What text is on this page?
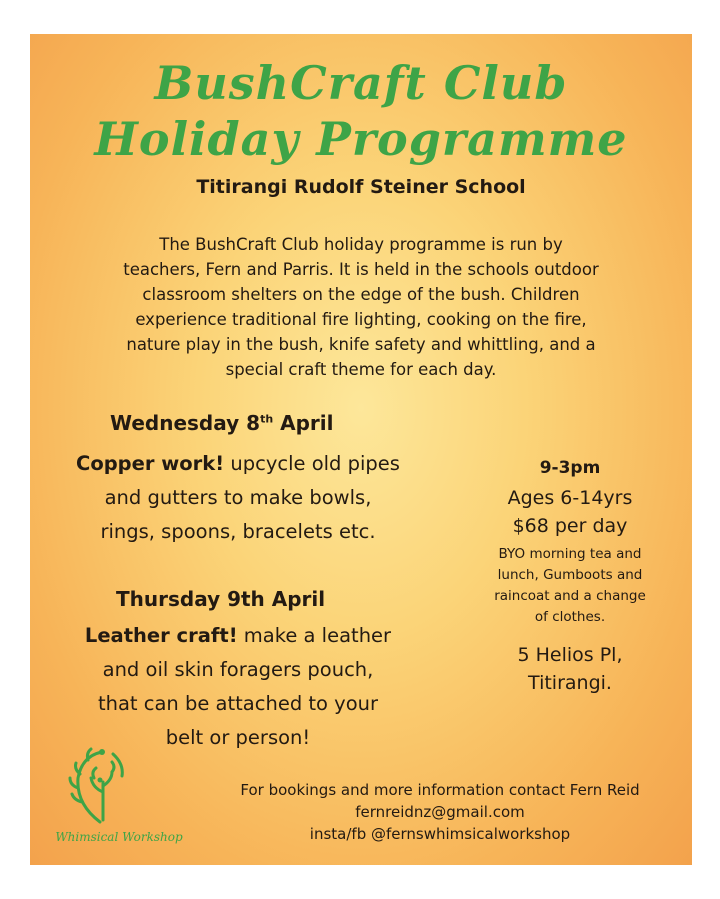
BushCraft Club
Holiday Programme
Titirangi Rudolf Steiner School

The BushCraft Club holiday programme is run by
teachers, Fern and Parris. It is held in the schools outdoor
classroom shelters on the edge of the bush. Children
experience traditional fire lighting, cooking on the fire,
nature play in the bush, knife safety and whittling, and a
special craft theme for each day.

Wednesday 8th April
Copper work! upcycle old pipes
and gutters to make bowls,
rings, spoons, bracelets etc.
Thursday 9th April
Leather craft! make a leather
and oil skin foragers pouch,
that can be attached to your
belt or person!
9-3pm
Ages 6-14yrs
$68 per day

BYO morning tea and
lunch, Gumboots and
raincoat and a change
of clothes.

5 Helios Pl,
Titirangi.

Whimsical Workshop

For bookings and more information contact Fern Reid
fernreidnz@gmail.com
insta/fb @fernswhimsicalworkshop
